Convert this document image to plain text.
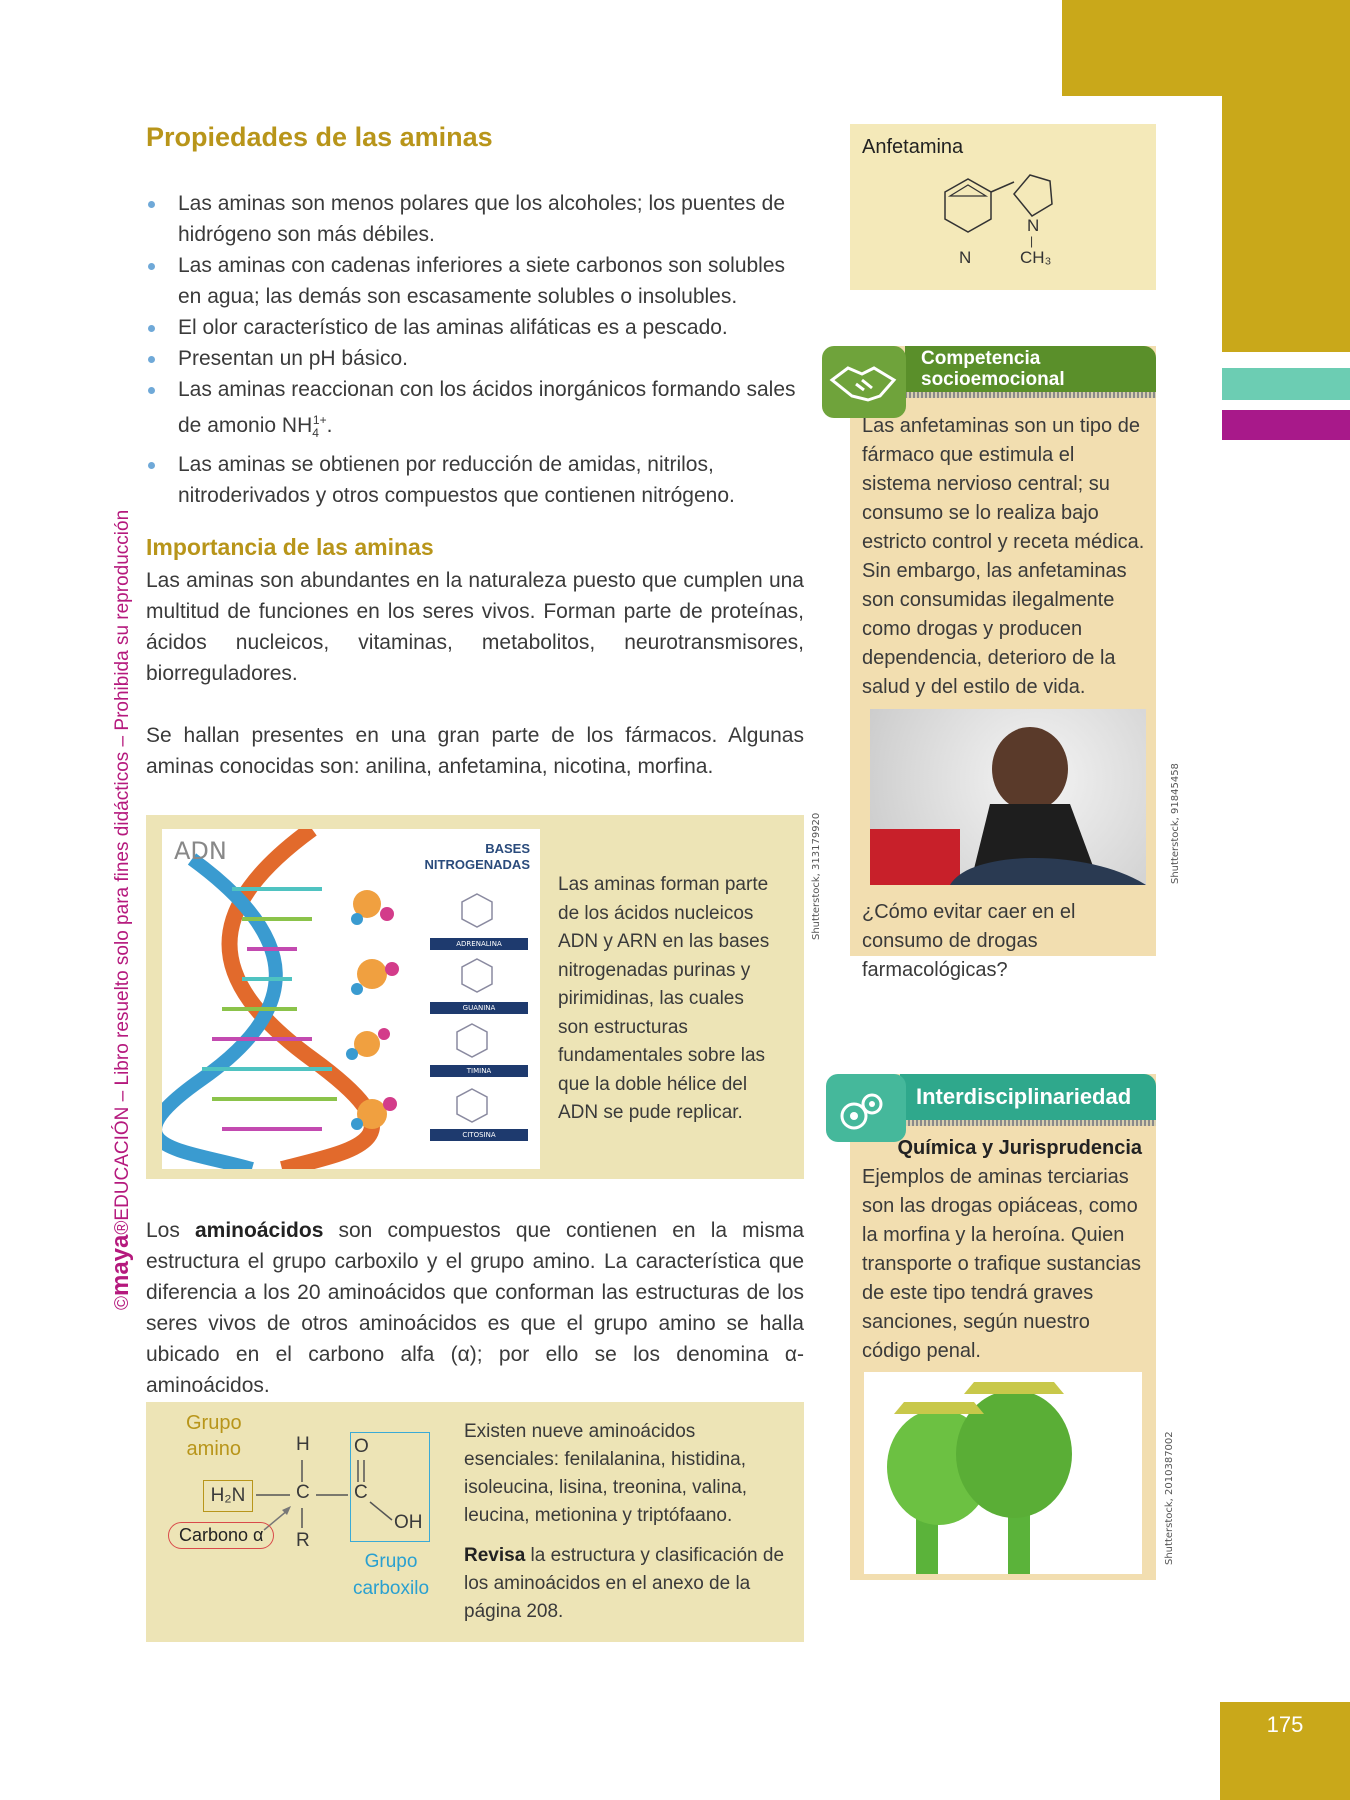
©maya®EDUCACIÓN – Libro resuelto solo para fines didácticos – Prohibida su reproducción
Propiedades de las aminas
Las aminas son menos polares que los alcoholes; los puentes de hidrógeno son más débiles.
Las aminas con cadenas inferiores a siete carbonos son solubles en agua; las demás son escasamente solubles o insolubles.
El olor característico de las aminas alifáticas es a pescado.
Presentan un pH básico.
Las aminas reaccionan con los ácidos inorgánicos formando sales de amonio $NH_4^{1+}$.
Las aminas se obtienen por reducción de amidas, nitrilos, nitroderivados y otros compuestos que contienen nitrógeno.
Importancia de las aminas

Las aminas son abundantes en la naturaleza puesto que cumplen una multitud de funciones en los seres vivos. Forman parte de proteínas, ácidos nucleicos, vitaminas, metabolitos, neurotransmisores, biorreguladores.

Se hallan presentes en una gran parte de los fármacos. Algunas aminas conocidas son: anilina, anfetamina, nicotina, morfina.

ADN	BASES
NITROGENADAS
ADRENALINA
GUANINA
TIMINA
CITOSINA
Las aminas forman parte de los ácidos nucleicos ADN y ARN en las bases nitrogenadas purinas y pirimidinas, las cuales son estructuras fundamentales sobre las que la doble hélice del ADN se pude replicar.
Shutterstock, 313179920

Los aminoácidos son compuestos que contienen en la misma estructura el grupo carboxilo y el grupo amino. La característica que diferencia a los 20 aminoácidos que conforman las estructuras de los seres vivos de otros aminoácidos es que el grupo amino se halla ubicado en el carbono alfa (α); por ello se los denomina α-aminoácidos.

Grupo
amino
H₂N
H
C
R
O
C
OH
Carbono α
Grupo
carboxilo
Existen nueve aminoácidos esenciales: fenilalanina, histidina, isoleucina, lisina, treonina, valina, leucina, metionina y triptófaano.
Revisa la estructura y clasificación de los aminoácidos en el anexo de la página 208.
Anfetamina
N
N
|
CH₃
Competencia
socioemocional
Las anfetaminas son un tipo de fármaco que estimula el sistema nervioso central; su consumo se lo realiza bajo estricto control y receta médica. Sin embargo, las anfetaminas son consumidas ilegalmente como drogas y producen dependencia, deterioro de la salud y del estilo de vida.
¿Cómo evitar caer en el consumo de drogas farmacológicas?
Shutterstock, 91845458
Interdisciplinariedad
Química y Jurisprudencia
Ejemplos de aminas terciarias son las drogas opiáceas, como la morfina y la heroína. Quien transporte o trafique sustancias de este tipo tendrá graves sanciones, según nuestro código penal.
Shutterstock, 2010387002
175
